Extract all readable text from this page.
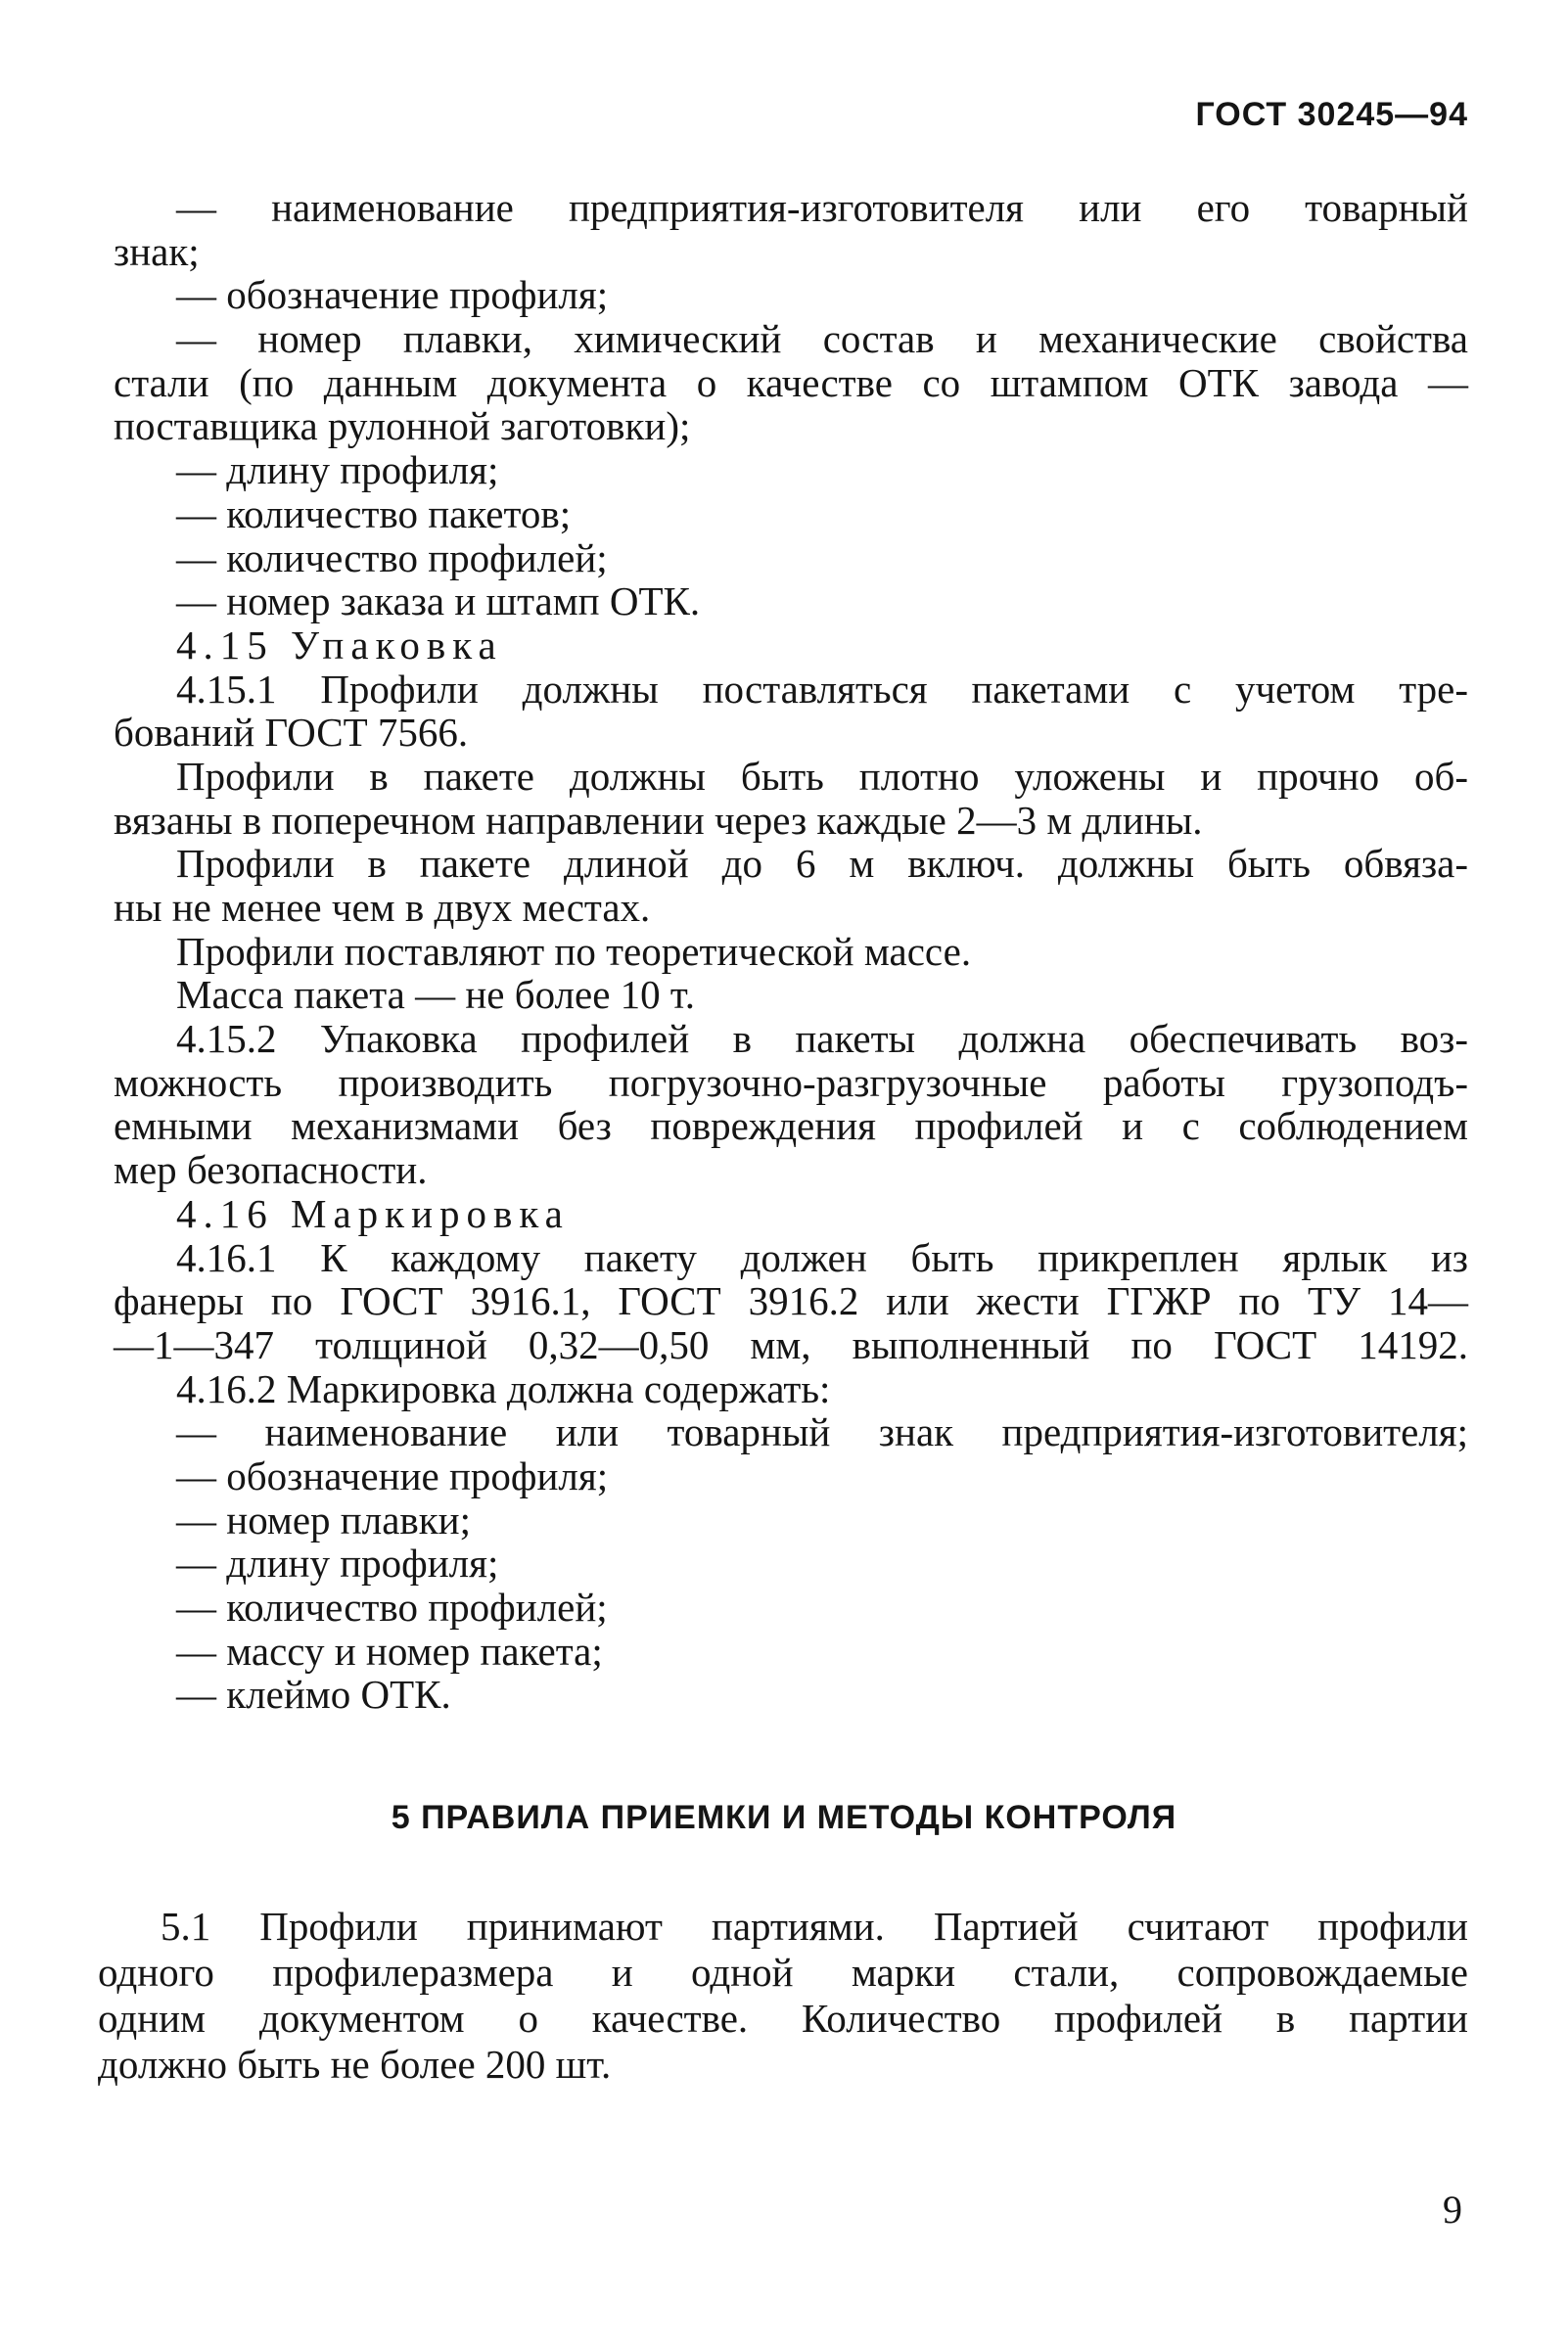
ГОСТ 30245—94
— наименование предприятия-изготовителя или его товарный
знак;
— обозначение профиля;
— номер плавки, химический состав и механические свойства
стали (по данным документа о качестве со штампом ОТК завода —
поставщика рулонной заготовки);
— длину профиля;
— количество пакетов;
— количество профилей;
— номер заказа и штамп ОТК.
4.15 Упаковка
4.15.1 Профили должны поставляться пакетами с учетом тре-
бований ГОСТ 7566.
Профили в пакете должны быть плотно уложены и прочно об-
вязаны в поперечном направлении через каждые 2—3 м длины.
Профили в пакете длиной до 6 м включ. должны быть обвяза-
ны не менее чем в двух местах.
Профили поставляют по теоретической массе.
Масса пакета — не более 10 т.
4.15.2 Упаковка профилей в пакеты должна обеспечивать воз-
можность производить погрузочно-разгрузочные работы грузоподъ-
емными механизмами без повреждения профилей и с соблюдением
мер безопасности.
4.16 Маркировка
4.16.1 К каждому пакету должен быть прикреплен ярлык из
фанеры по ГОСТ 3916.1, ГОСТ 3916.2 или жести ГГЖР по ТУ 14—
—1—347 толщиной 0,32—0,50 мм, выполненный по ГОСТ 14192.
4.16.2 Маркировка должна содержать:
— наименование или товарный знак предприятия-изготовителя;
— обозначение профиля;
— номер плавки;
— длину профиля;
— количество профилей;
— массу и номер пакета;
— клеймо ОТК.
5 ПРАВИЛА ПРИЕМКИ И МЕТОДЫ КОНТРОЛЯ
5.1 Профили принимают партиями. Партией считают профили
одного профилеразмера и одной марки стали, сопровождаемые
одним документом о качестве. Количество профилей в партии
должно быть не более 200 шт.
9
